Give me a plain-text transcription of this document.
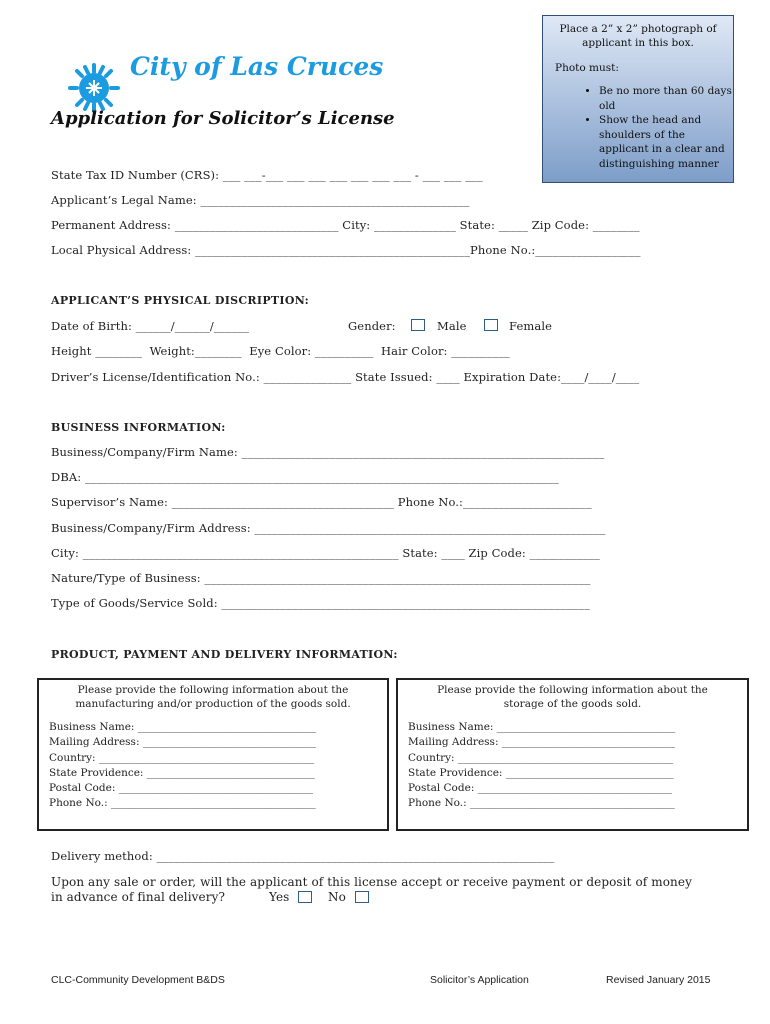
City of Las Cruces
Application for Solicitor’s License
Place a 2” x 2” photograph of applicant in this box.
Photo must:
• Be no more than 60 days old
• Show the head and shoulders of the applicant in a clear and distinguishing manner
State Tax ID Number (CRS): ___ ___-___ ___ ___ ___ ___ ___ ___ - ___ ___ ___
Applicant’s Legal Name: ______________________________________________
Permanent Address: ____________________________ City: ______________ State: _____ Zip Code: ________
Local Physical Address: _______________________________________________Phone No.:__________________
APPLICANT’S PHYSICAL DISCRIPTION:
Date of Birth: ______/______/______	Gender:	Male	Female
Height ________  Weight:________  Eye Color: __________  Hair Color: __________
Driver’s License/Identification No.: _______________ State Issued: ____ Expiration Date:____/____/____
BUSINESS INFORMATION:
Business/Company/Firm Name: ______________________________________________________________
DBA: _________________________________________________________________________________
Supervisor’s Name: ______________________________________ Phone No.:______________________
Business/Company/Firm Address: ____________________________________________________________
City: ______________________________________________________ State: ____ Zip Code: ____________
Nature/Type of Business: __________________________________________________________________
Type of Goods/Service Sold: _______________________________________________________________
PRODUCT, PAYMENT AND DELIVERY INFORMATION:
Please provide the following information about the
manufacturing and/or production of the goods sold.
Business Name: __________________________________
Mailing Address: _________________________________
Country: _________________________________________
State Providence: ________________________________
Postal Code: _____________________________________
Phone No.: _______________________________________
Please provide the following information about the
storage of the goods sold.
Business Name: __________________________________
Mailing Address: _________________________________
Country: _________________________________________
State Providence: ________________________________
Postal Code: _____________________________________
Phone No.: _______________________________________
Delivery method: ____________________________________________________________________
Upon any sale or order, will the applicant of this license accept or receive payment or deposit of money
in advance of final delivery?	Yes	No
CLC-Community Development B&DS	Solicitor’s Application	Revised January 2015
